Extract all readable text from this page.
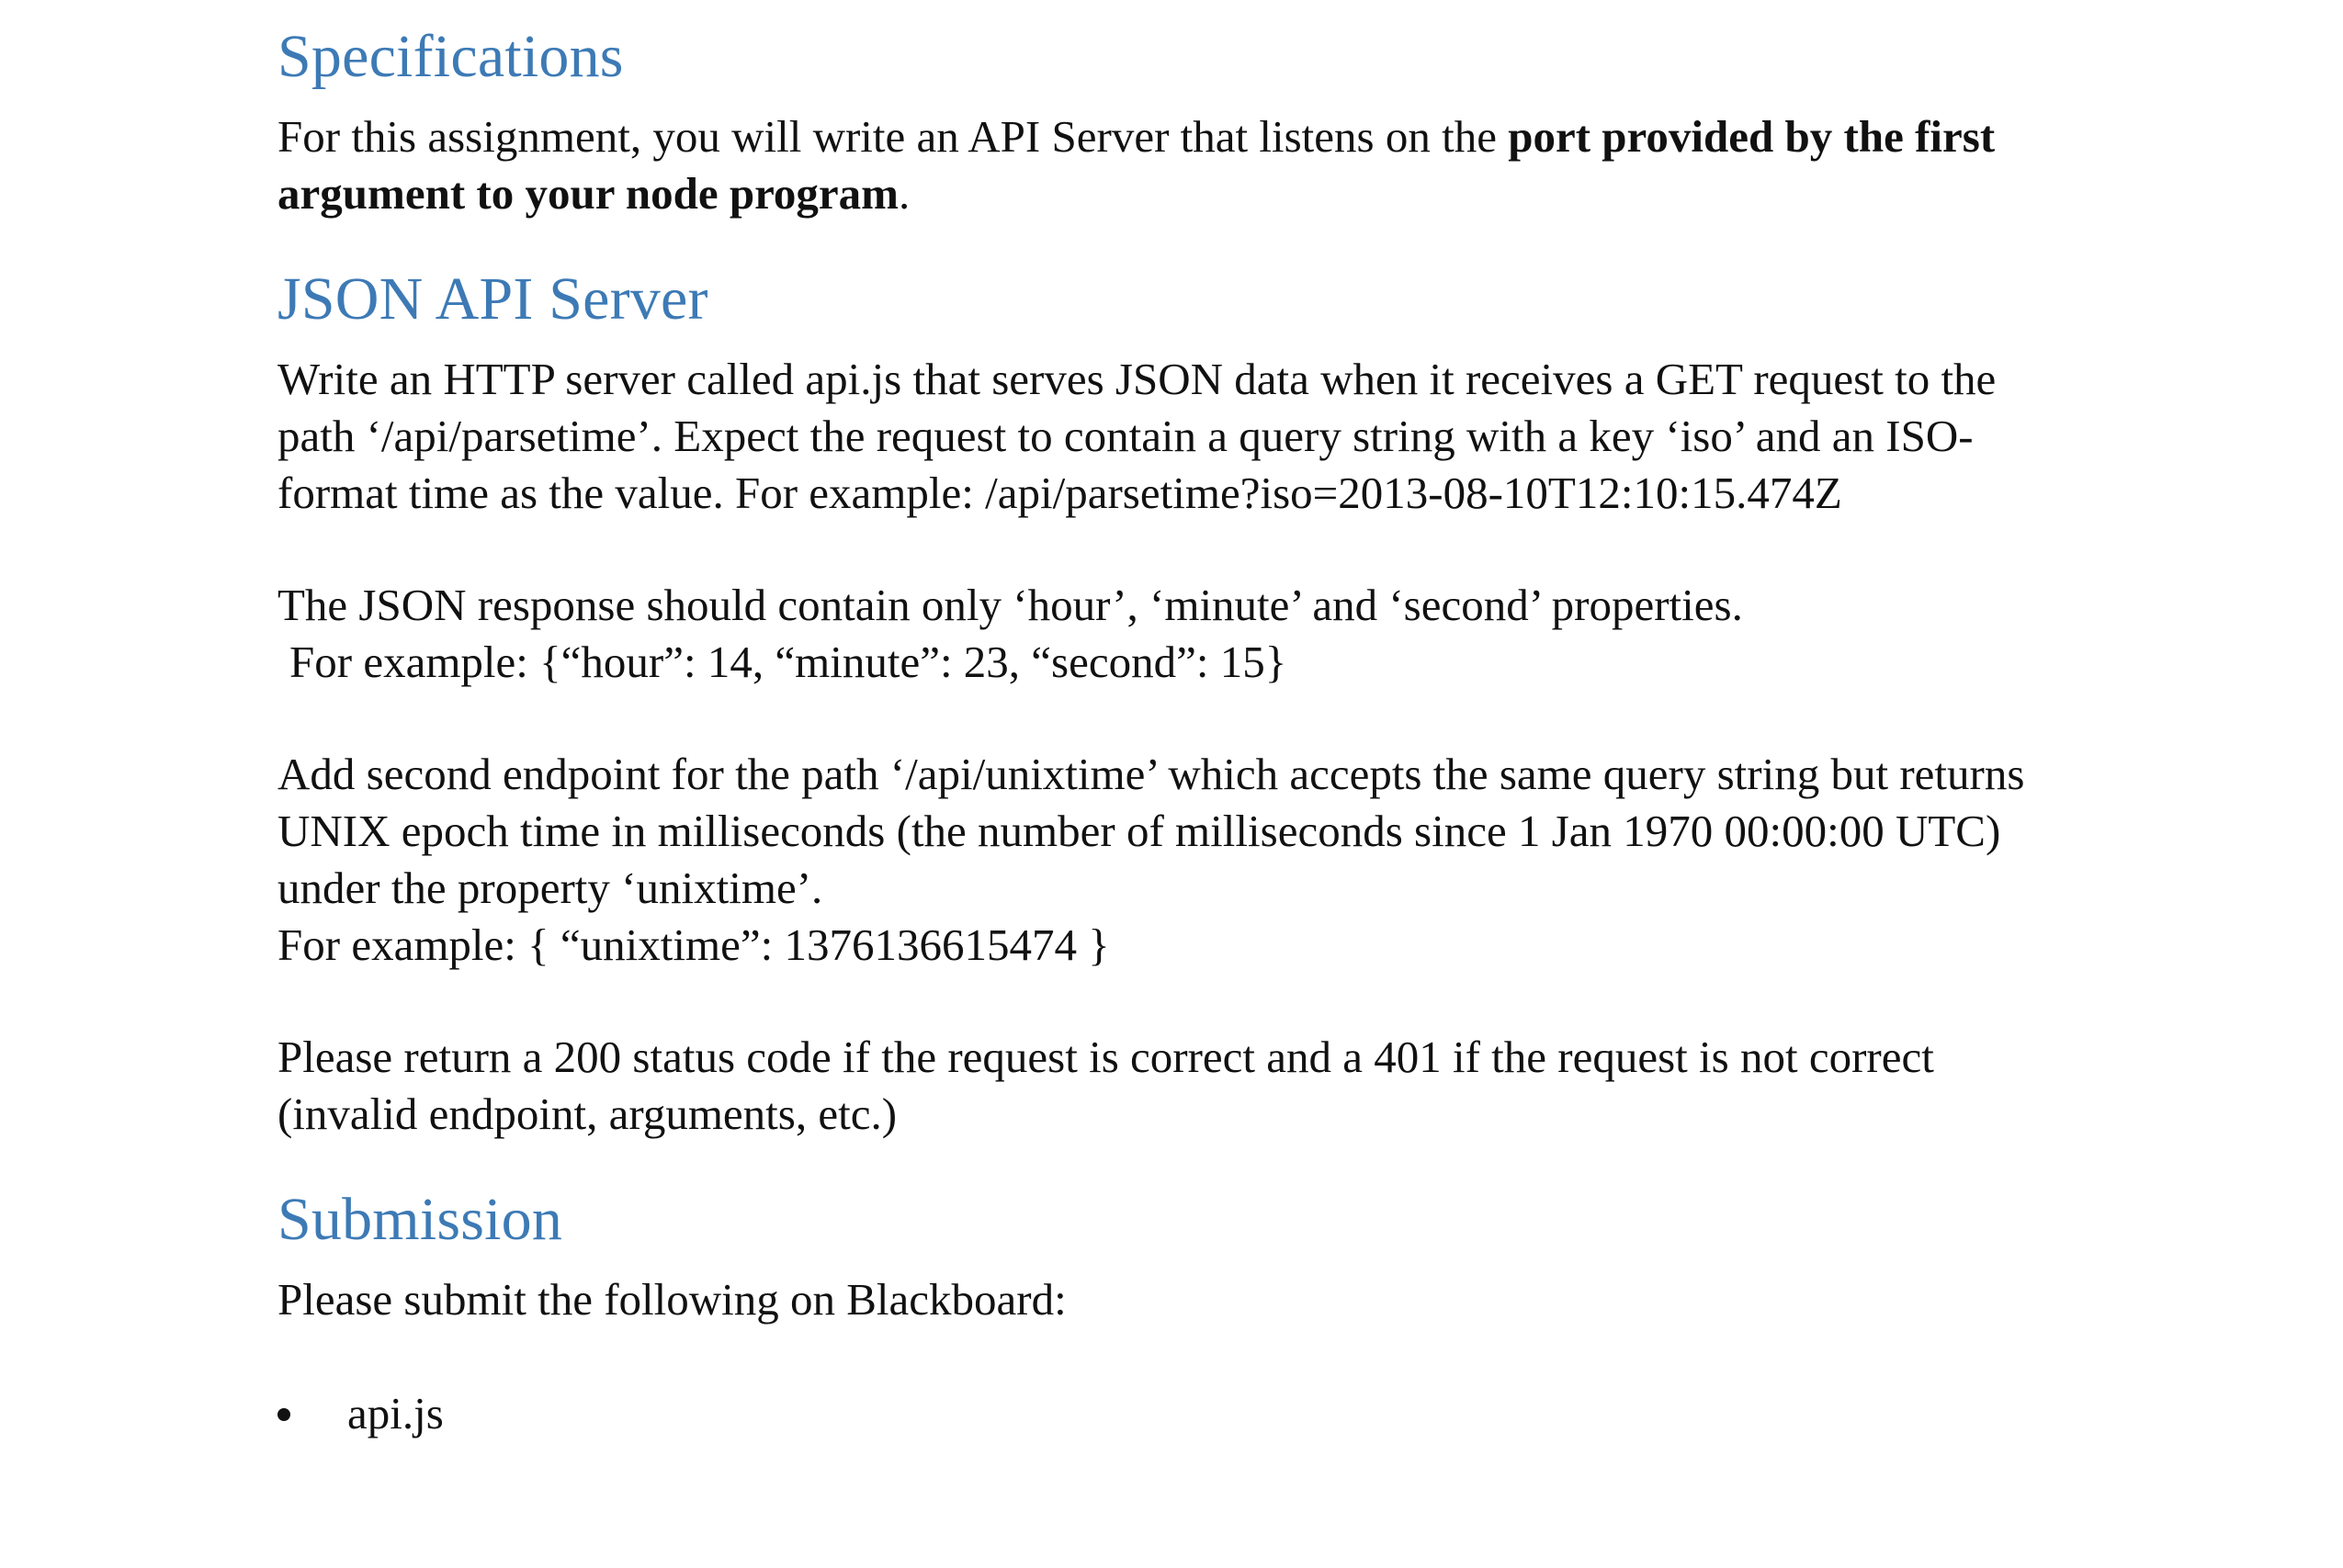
Specifications

For this assignment, you will write an API Server that listens on the port provided by the first argument to your node program.

JSON API Server

Write an HTTP server called api.js that serves JSON data when it receives a GET request to the

path ‘/api/parsetime’. Expect the request to contain a query string with a key ‘iso’ and an ISO-

format time as the value. For example: /api/parsetime?iso=2013-08-10T12:10:15.474Z

The JSON response should contain only ‘hour’, ‘minute’ and ‘second’ properties.

For example: {“hour”: 14, “minute”: 23, “second”: 15}

Add second endpoint for the path ‘/api/unixtime’ which accepts the same query string but returns

UNIX epoch time in milliseconds (the number of milliseconds since 1 Jan 1970 00:00:00 UTC)

under the property ‘unixtime’.

For example: { “unixtime”: 1376136615474 }

Please return a 200 status code if the request is correct and a 401 if the request is not correct

(invalid endpoint, arguments, etc.)

Submission

Please submit the following on Blackboard:

api.js
